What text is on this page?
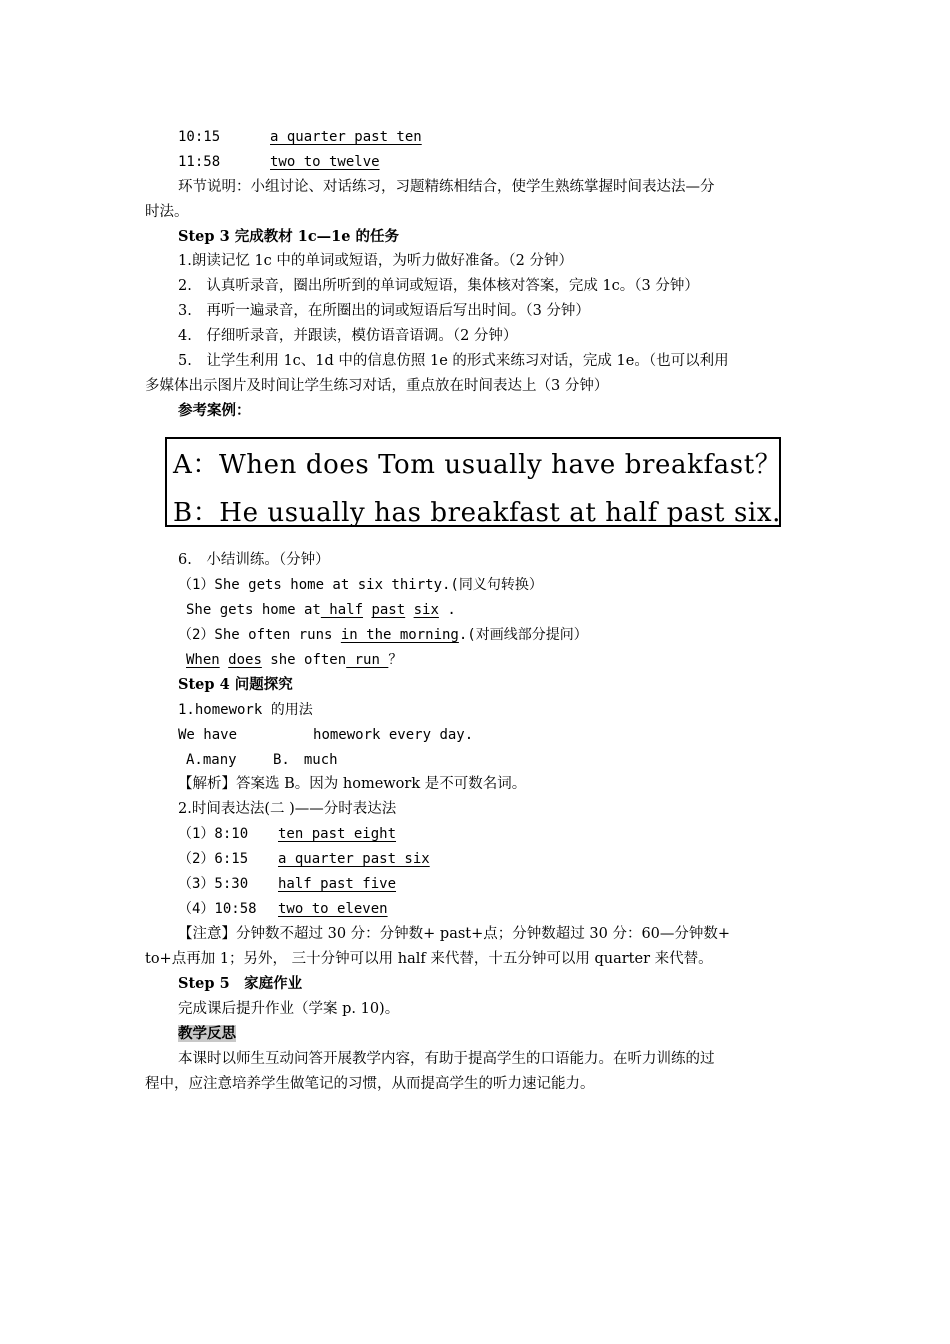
10:15	a quarter past ten
11:58	two to twelve
环节说明：小组讨论、对话练习，习题精练相结合，使学生熟练掌握时间表达法—分
时法。
Step 3 完成教材 1c—1e 的任务
1.朗读记忆 1c 中的单词或短语，为听力做好准备。（2 分钟）
2.　认真听录音，圈出所听到的单词或短语，集体核对答案，完成 1c。（3 分钟）
3.　再听一遍录音，在所圈出的词或短语后写出时间。（3 分钟）
4.　仔细听录音，并跟读，模仿语音语调。（2 分钟）
5.　让学生利用 1c、1d 中的信息仿照 1e 的形式来练习对话，完成 1e。（也可以利用
多媒体出示图片及时间让学生练习对话，重点放在时间表达上（3 分钟）
参考案例：
A：When does Tom usually have breakfast？
B：He usually has breakfast at half past six.
6.　小结训练。（分钟）
（1）She gets home at six thirty.(同义句转换）
She gets home at half past six .
（2）She often runs in the morning.(对画线部分提问）
When does she often run ？
Step 4 问题探究
1.homework 的用法
We have	homework every day.
A.many　　 B.　much
【解析】答案选 B。因为 homework 是不可数名词。
2.时间表达法(二 )——分时表达法
（1）8:10 ten past eight
（2）6:15 a quarter past six
（3）5:30 half past five
（4）10:58 two to eleven
【注意】分钟数不超过 30 分：分钟数+ past+点；分钟数超过 30 分：60—分钟数+
to+点再加 1；另外， 三十分钟可以用 half 来代替，十五分钟可以用 quarter 来代替。
Step 5　家庭作业
完成课后提升作业（学案 p. 10)。
教学反思
本课时以师生互动问答开展教学内容，有助于提高学生的口语能力。在听力训练的过
程中，应注意培养学生做笔记的习惯，从而提高学生的听力速记能力。
